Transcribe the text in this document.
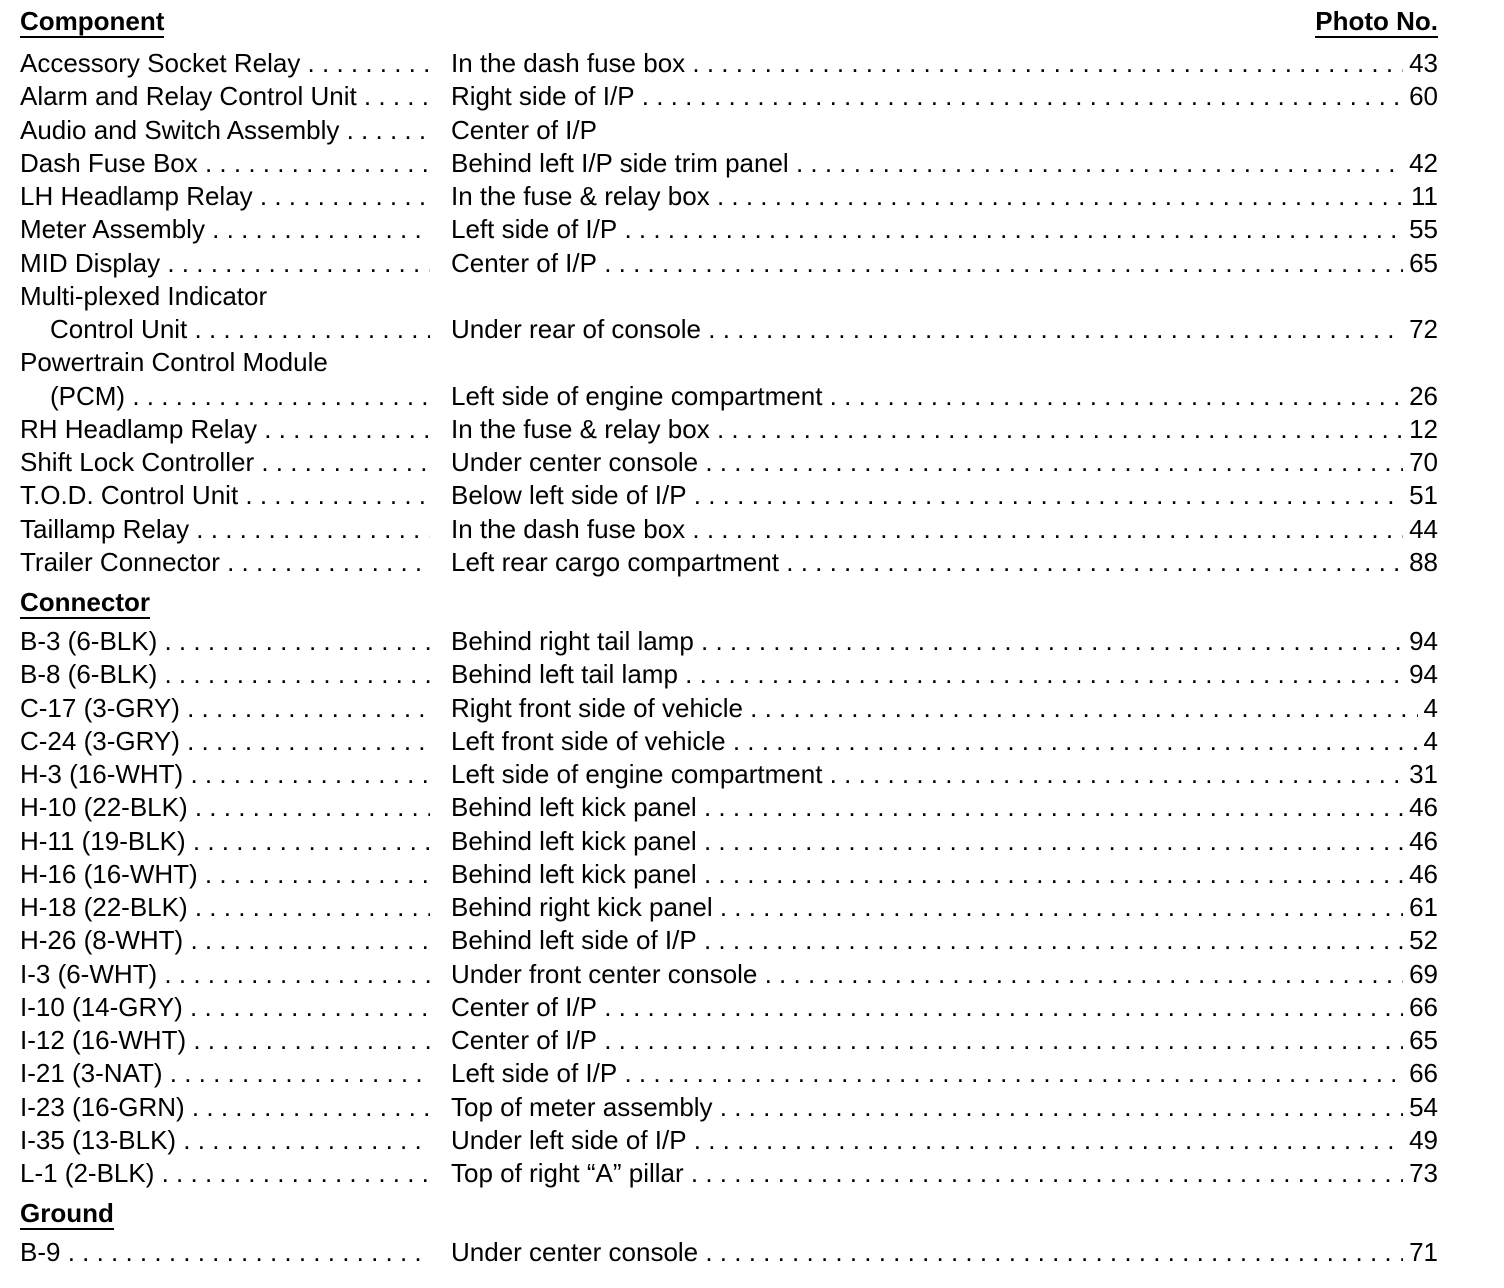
Component	Photo No.
Accessory Socket Relay . . .	In the dash fuse box	43
. . .
Alarm and Relay Control Unit . . .	Right side of I/P	60
. . .
Audio and Switch Assembly . . .	Center of I/P
Dash Fuse Box . . .	Behind left I/P side trim panel	42
. . .
LH Headlamp Relay . . .	In the fuse & relay box	11
. . .
Meter Assembly . . .	Left side of I/P	55
. . .
MID Display . . .	Center of I/P	65
. . .
Multi-plexed Indicator
Control Unit . . .	Under rear of console	72
. . .
Powertrain Control Module
(PCM) . . .	Left side of engine compartment	26
. . .
RH Headlamp Relay . . .	In the fuse & relay box	12
. . .
Shift Lock Controller . . .	Under center console	70
. . .
T.O.D. Control Unit . . .	Below left side of I/P	51
. . .
Taillamp Relay . . .	In the dash fuse box	44
. . .
Trailer Connector . . .	Left rear cargo compartment	88
. . .
Connector
B-3 (6-BLK) . . .	Behind right tail lamp	94
. . .
B-8 (6-BLK) . . .	Behind left tail lamp	94
. . .
C-17 (3-GRY) . . .	Right front side of vehicle	4
. . .
C-24 (3-GRY) . . .	Left front side of vehicle	4
. . .
H-3 (16-WHT) . . .	Left side of engine compartment	31
. . .
H-10 (22-BLK) . . .	Behind left kick panel	46
. . .
H-11 (19-BLK) . . .	Behind left kick panel	46
. . .
H-16 (16-WHT) . . .	Behind left kick panel	46
. . .
H-18 (22-BLK) . . .	Behind right kick panel	61
. . .
H-26 (8-WHT) . . .	Behind left side of I/P	52
. . .
I-3 (6-WHT) . . .	Under front center console	69
. . .
I-10 (14-GRY) . . .	Center of I/P	66
. . .
I-12 (16-WHT) . . .	Center of I/P	65
. . .
I-21 (3-NAT) . . .	Left side of I/P	66
. . .
I-23 (16-GRN) . . .	Top of meter assembly	54
. . .
I-35 (13-BLK) . . .	Under left side of I/P	49
. . .
L-1 (2-BLK) . . .	Top of right “A” pillar	73
. . .
Ground
B-9 . . .	Under center console	71
. . .
